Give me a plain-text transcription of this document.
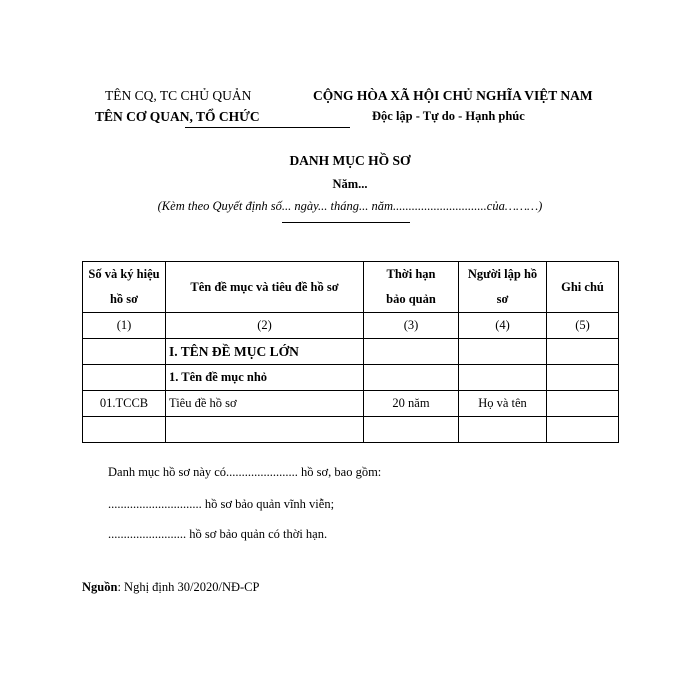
TÊN CQ, TC CHỦ QUẢN
TÊN CƠ QUAN, TỔ CHỨC
CỘNG HÒA XÃ HỘI CHỦ NGHĨA VIỆT NAM
Độc lập - Tự do - Hạnh phúc
DANH MỤC HỒ SƠ
Năm...
(Kèm theo Quyết định số... ngày... tháng... năm..............................của………)
Số và ký hiệu hồ sơ	Tên đề mục và tiêu đề hồ sơ	Thời hạn bảo quản	Người lập hồ sơ	Ghi chú
(1)	(2)	(3)	(4)	(5)
	I. TÊN ĐỀ MỤC LỚN			
	1. Tên đề mục nhỏ			
01.TCCB	Tiêu đề hồ sơ	20 năm	Họ và tên	

Danh mục hồ sơ này có....................... hồ sơ, bao gồm:
.............................. hồ sơ bảo quản vĩnh viễn;
......................... hồ sơ bảo quản có thời hạn.
Nguồn: Nghị định 30/2020/NĐ-CP
